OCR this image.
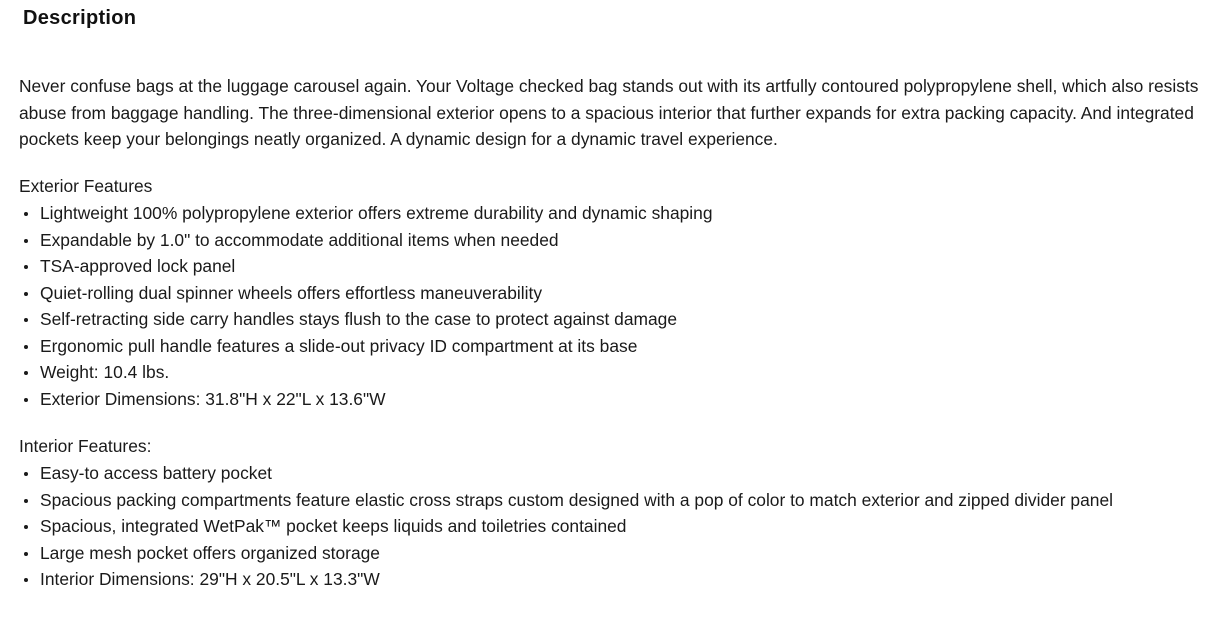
Description

Never confuse bags at the luggage carousel again. Your Voltage checked bag stands out with its artfully contoured polypropylene shell, which also resists abuse from baggage handling. The three-dimensional exterior opens to a spacious interior that further expands for extra packing capacity. And integrated pockets keep your belongings neatly organized. A dynamic design for a dynamic travel experience.

Exterior Features

Lightweight 100% polypropylene exterior offers extreme durability and dynamic shaping
Expandable by 1.0" to accommodate additional items when needed
TSA-approved lock panel
Quiet-rolling dual spinner wheels offers effortless maneuverability
Self-retracting side carry handles stays flush to the case to protect against damage
Ergonomic pull handle features a slide-out privacy ID compartment at its base
Weight: 10.4 lbs.
Exterior Dimensions: 31.8"H x 22"L x 13.6"W

Interior Features:

Easy-to access battery pocket
Spacious packing compartments feature elastic cross straps custom designed with a pop of color to match exterior and zipped divider panel
Spacious, integrated WetPak™ pocket keeps liquids and toiletries contained
Large mesh pocket offers organized storage
Interior Dimensions: 29"H x 20.5"L x 13.3"W
